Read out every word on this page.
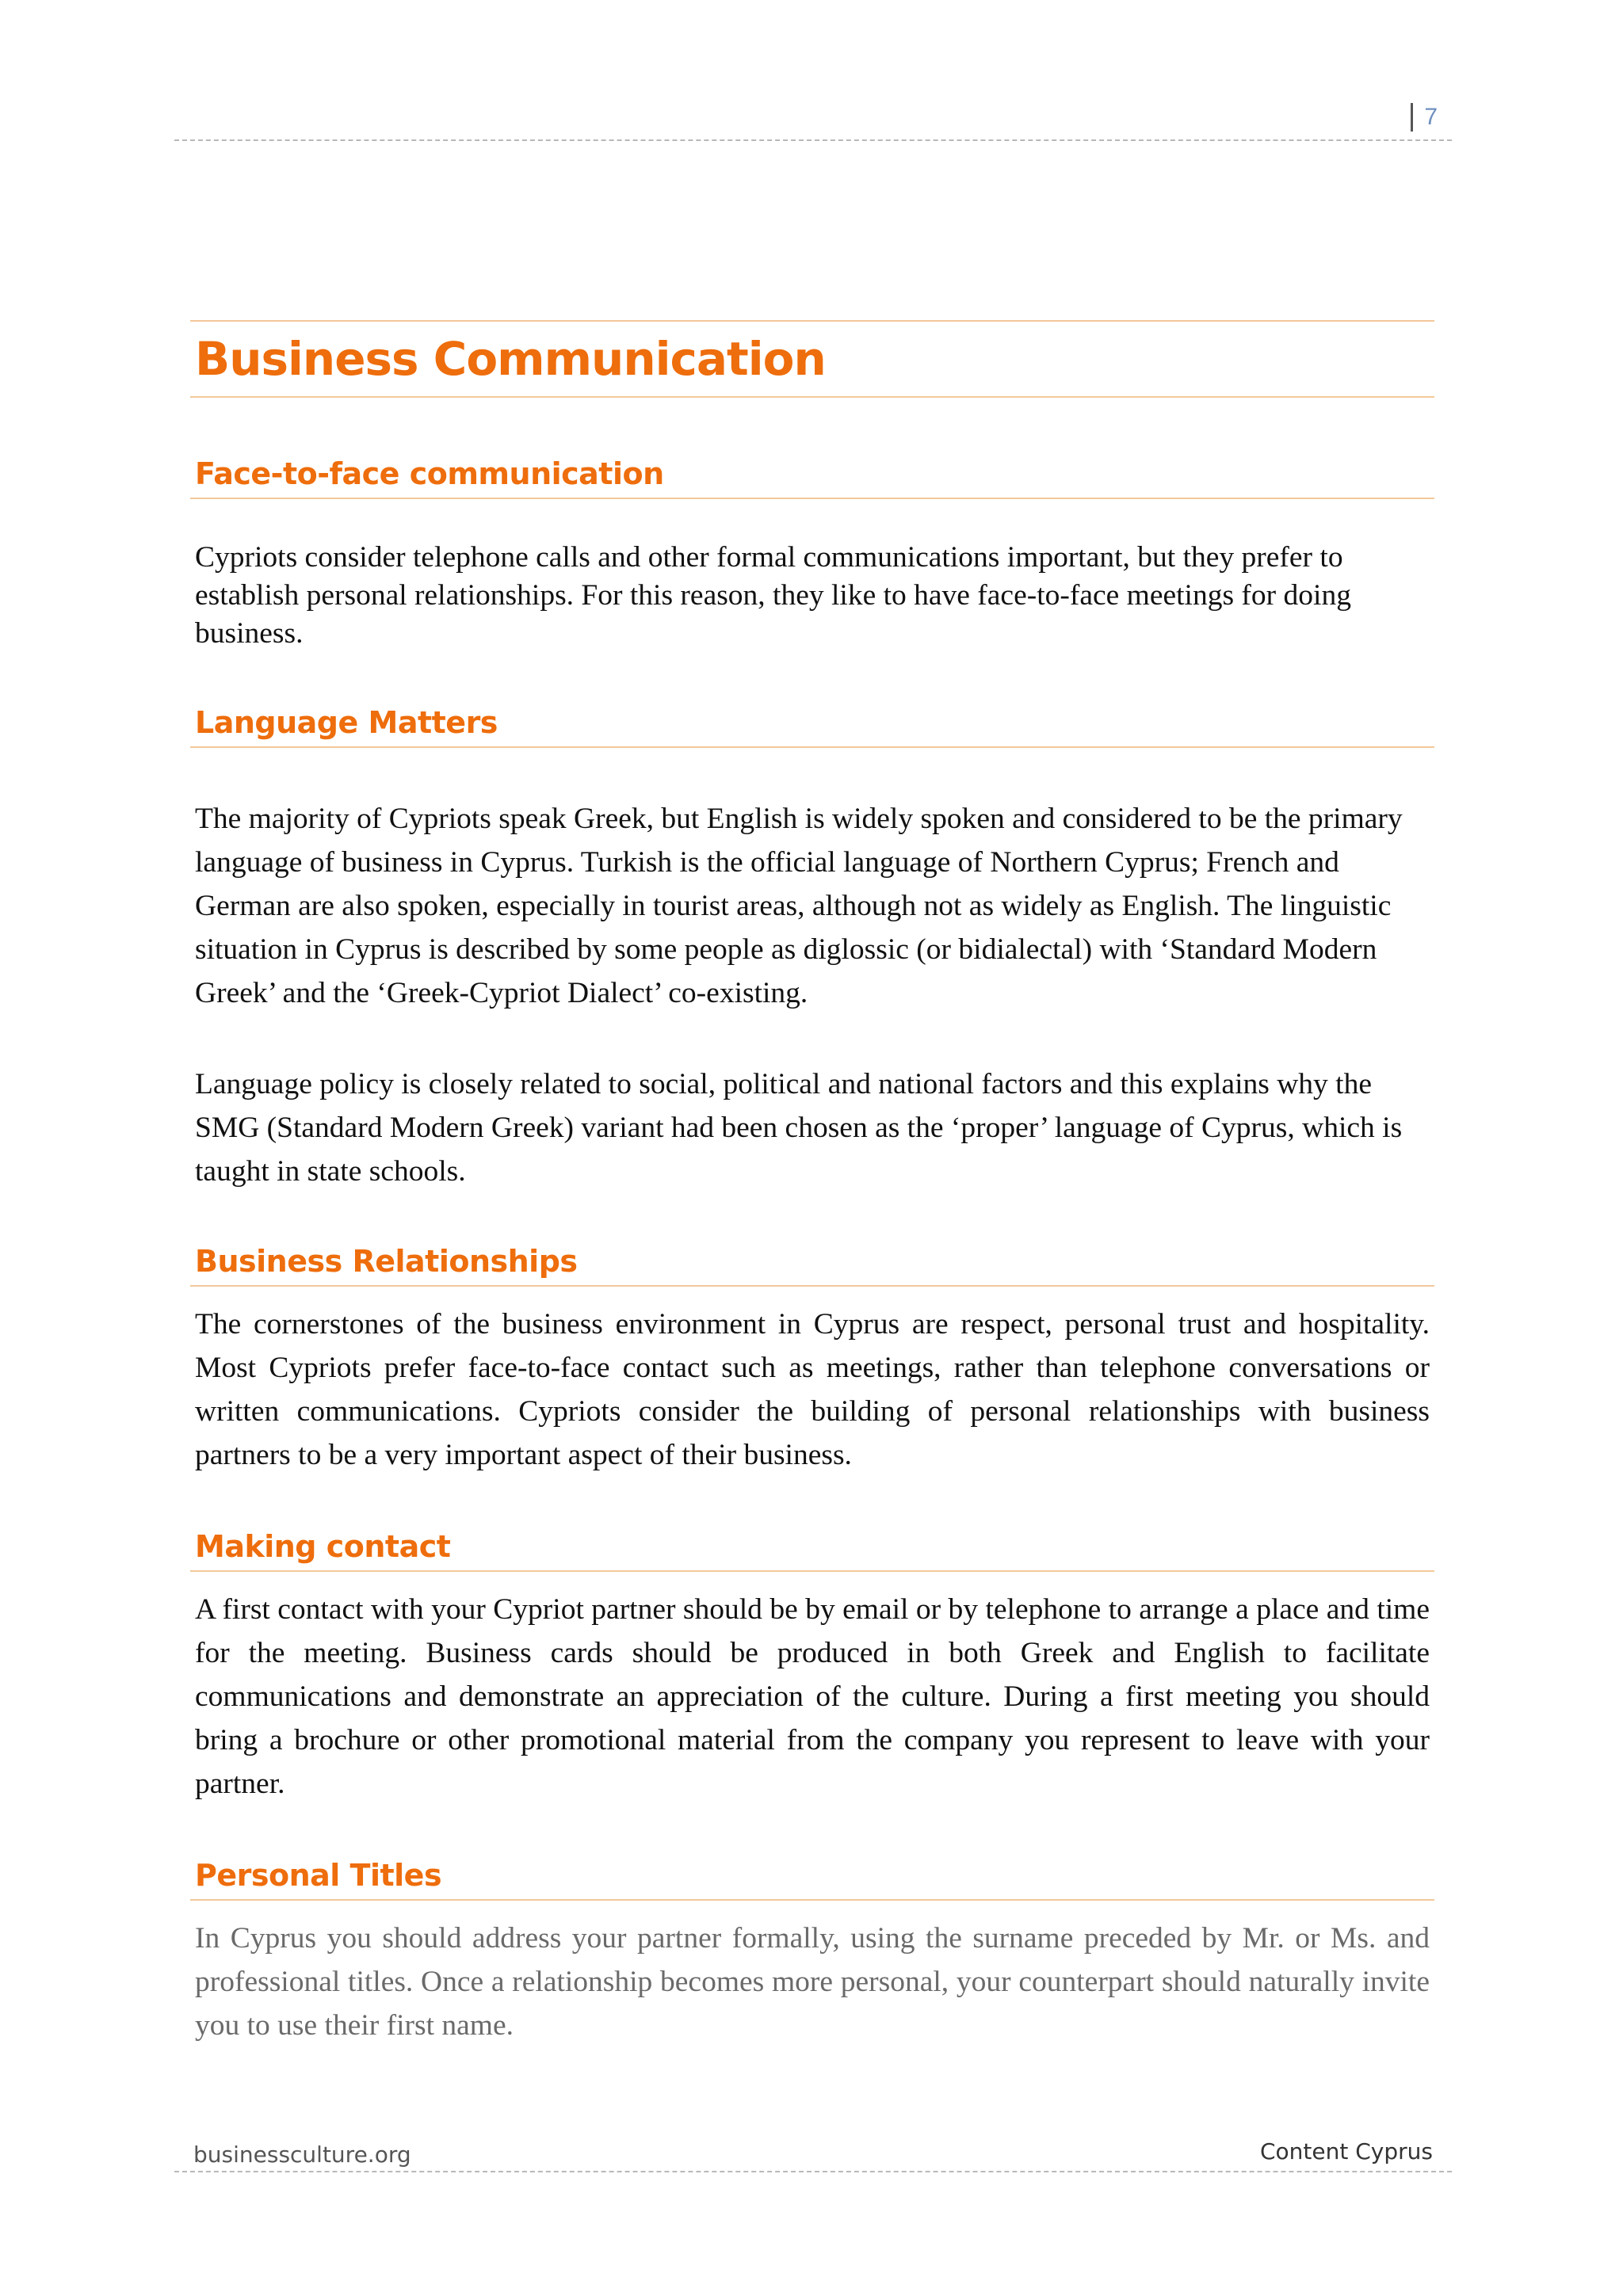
7
Business Communication
Face-to-face communication

Cypriots consider telephone calls and other formal communications important, but they prefer to establish personal relationships. For this reason, they like to have face-to-face meetings for doing business.

Language Matters

The majority of Cypriots speak Greek, but English is widely spoken and considered to be the primary language of business in Cyprus. Turkish is the official language of Northern Cyprus; French and German are also spoken, especially in tourist areas, although not as widely as English. The linguistic situation in Cyprus is described by some people as diglossic (or bidialectal) with ‘Standard Modern Greek’ and the ‘Greek-Cypriot Dialect’ co-existing.

Language policy is closely related to social, political and national factors and this explains why the SMG (Standard Modern Greek) variant had been chosen as the ‘proper’ language of Cyprus, which is taught in state schools.

Business Relationships

The cornerstones of the business environment in Cyprus are respect, personal trust and hospitality. Most Cypriots prefer face-to-face contact such as meetings, rather than telephone conversations or written communications. Cypriots consider the building of personal relationships with business partners to be a very important aspect of their business.

Making contact

A first contact with your Cypriot partner should be by email or by telephone to arrange a place and time for the meeting. Business cards should be produced in both Greek and English to facilitate communications and demonstrate an appreciation of the culture. During a first meeting you should bring a brochure or other promotional material from the company you represent to leave with your partner.

Personal Titles

In Cyprus you should address your partner formally, using the surname preceded by Mr. or Ms. and professional titles. Once a relationship becomes more personal, your counterpart should naturally invite you to use their first name.

businessculture.org	Content Cyprus
